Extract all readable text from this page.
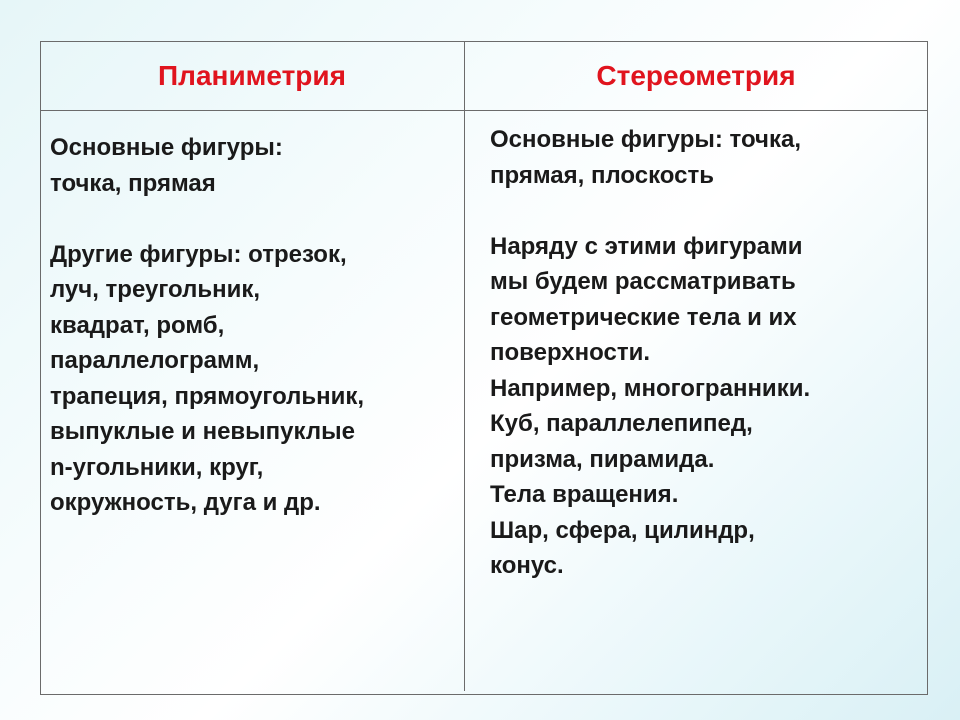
Планиметрия	Стереометрия
Основные фигуры:
точка, прямая
Другие фигуры: отрезок,
луч, треугольник,
квадрат, ромб,
параллелограмм,
трапеция, прямоугольник,
выпуклые и невыпуклые
n-угольники, круг,
окружность, дуга и др.
Основные фигуры: точка,
прямая, плоскость
Наряду с этими фигурами
мы будем рассматривать
геометрические тела и их
поверхности.
Например, многогранники.
Куб, параллелепипед,
призма, пирамида.
Тела вращения.
Шар, сфера, цилиндр,
конус.
